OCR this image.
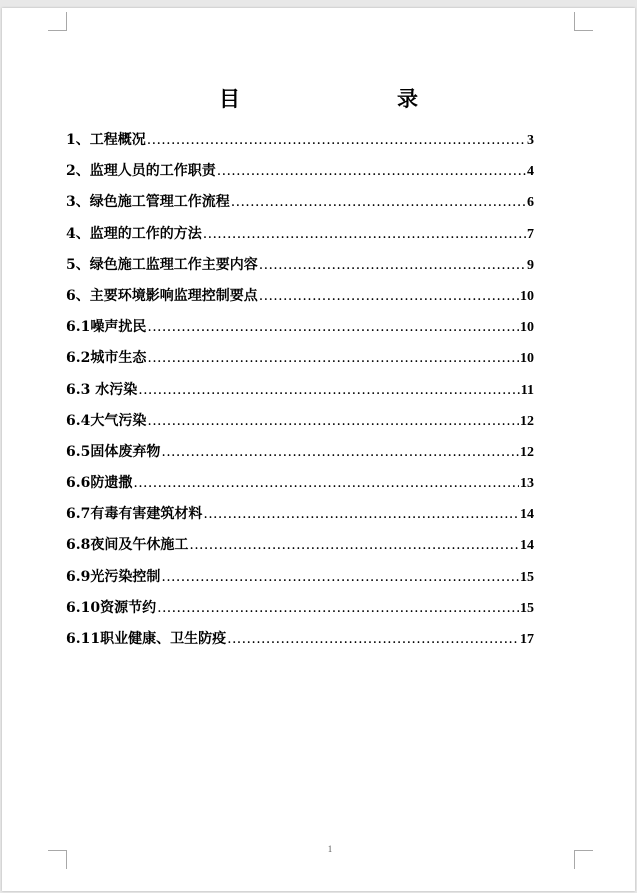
目　录
1、工程概况 .....	3
2、监理人员的工作职责 .....	4
3、绿色施工管理工作流程 .....	6
4、监理的工作的方法 .....	7
5、绿色施工监理工作主要内容 .....	9
6、主要环境影响监理控制要点 .....	10
6.1噪声扰民 .....	10
6.2城市生态 .....	10
6.3 水污染 .....	11
6.4大气污染 .....	12
6.5固体废弃物 .....	12
6.6防遗撒 .....	13
6.7有毒有害建筑材料 .....	14
6.8夜间及午休施工 .....	14
6.9光污染控制 .....	15
6.10资源节约 .....	15
6.11职业健康、卫生防疫 .....	17
1
